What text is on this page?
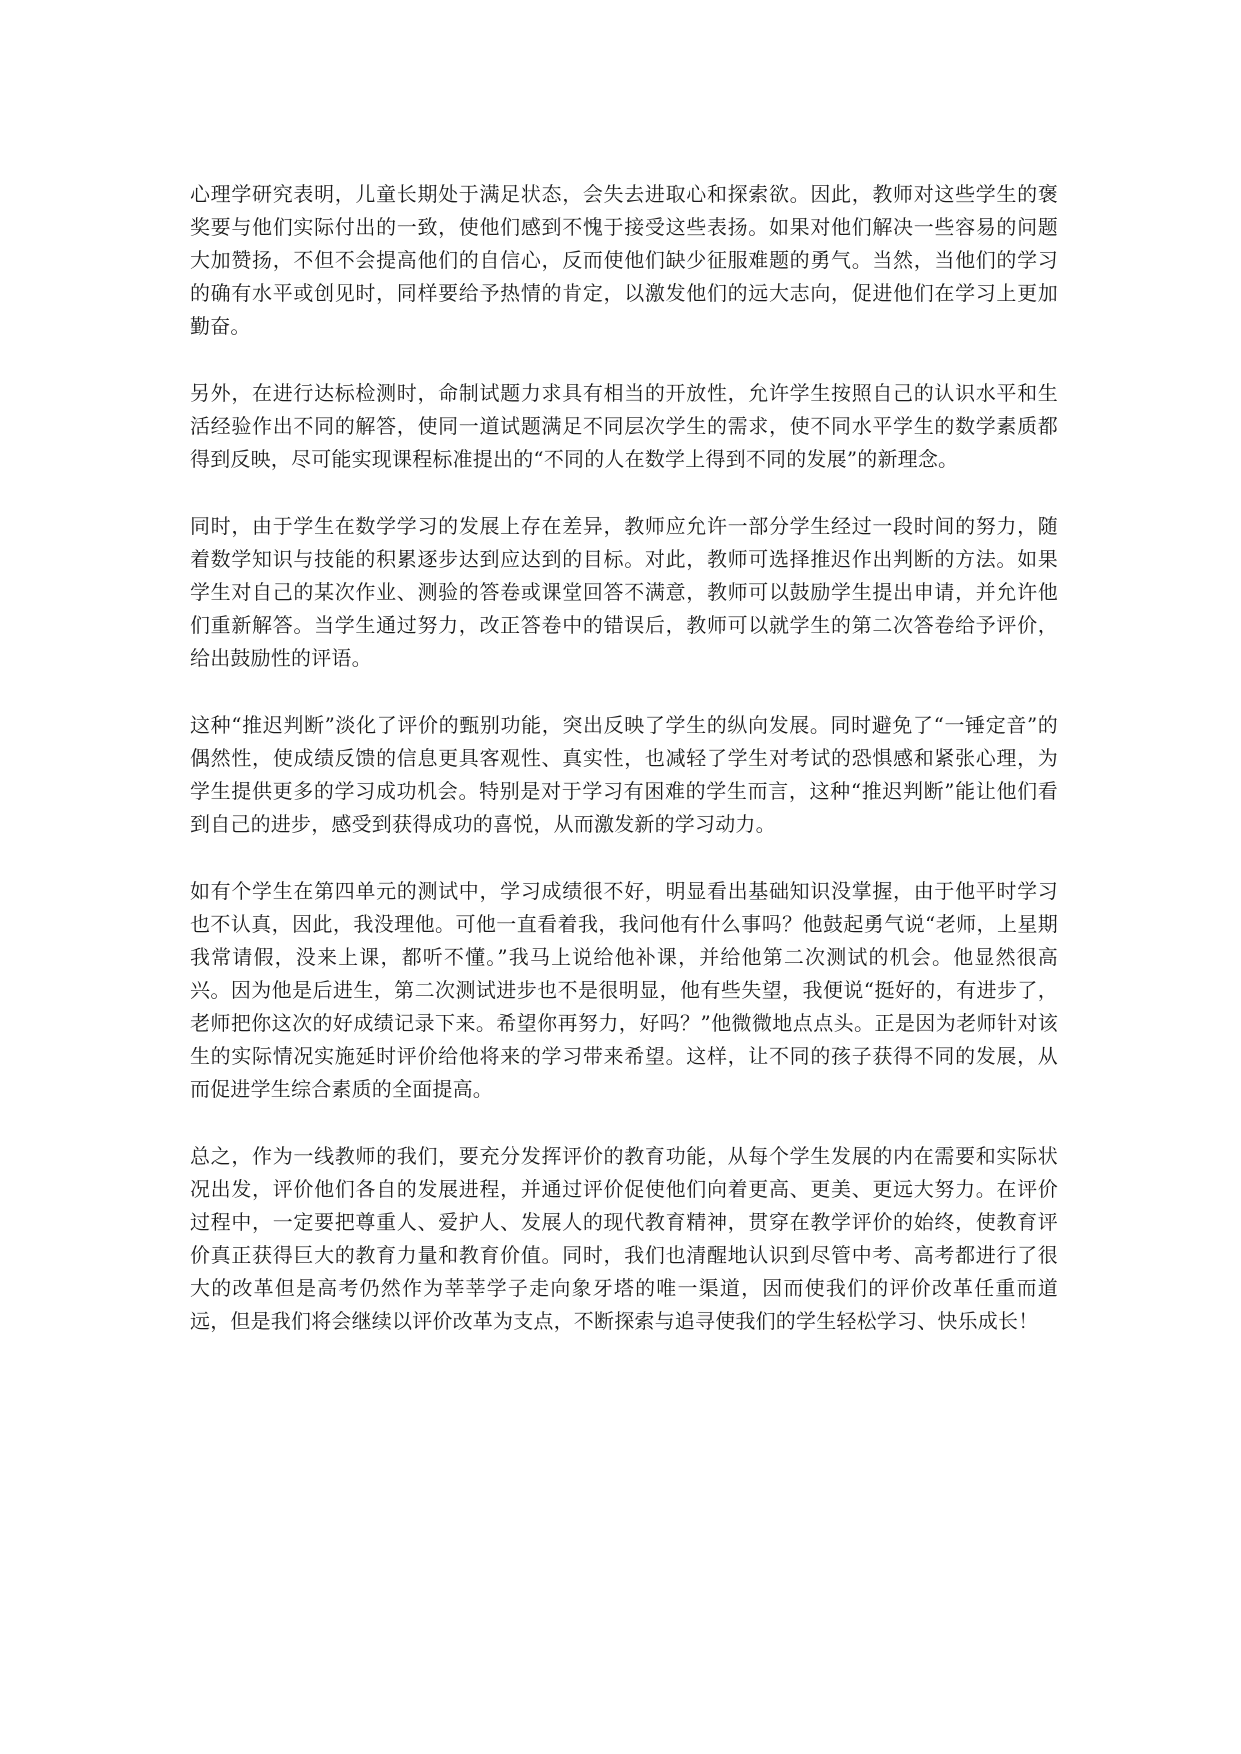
心理学研究表明，儿童长期处于满足状态，会失去进取心和探索欲。因此，教师对这些学生的褒奖要与他们实际付出的一致，使他们感到不愧于接受这些表扬。如果对他们解决一些容易的问题大加赞扬，不但不会提高他们的自信心，反而使他们缺少征服难题的勇气。当然，当他们的学习的确有水平或创见时，同样要给予热情的肯定，以激发他们的远大志向，促进他们在学习上更加勤奋。

另外，在进行达标检测时，命制试题力求具有相当的开放性，允许学生按照自己的认识水平和生活经验作出不同的解答，使同一道试题满足不同层次学生的需求，使不同水平学生的数学素质都得到反映，尽可能实现课程标准提出的“不同的人在数学上得到不同的发展”的新理念。

同时，由于学生在数学学习的发展上存在差异，教师应允许一部分学生经过一段时间的努力，随着数学知识与技能的积累逐步达到应达到的目标。对此，教师可选择推迟作出判断的方法。如果学生对自己的某次作业、测验的答卷或课堂回答不满意，教师可以鼓励学生提出申请，并允许他们重新解答。当学生通过努力，改正答卷中的错误后，教师可以就学生的第二次答卷给予评价，给出鼓励性的评语。

这种“推迟判断”淡化了评价的甄别功能，突出反映了学生的纵向发展。同时避免了“一锤定音”的偶然性，使成绩反馈的信息更具客观性、真实性，也减轻了学生对考试的恐惧感和紧张心理，为学生提供更多的学习成功机会。特别是对于学习有困难的学生而言，这种“推迟判断”能让他们看到自己的进步，感受到获得成功的喜悦，从而激发新的学习动力。

如有个学生在第四单元的测试中，学习成绩很不好，明显看出基础知识没掌握，由于他平时学习也不认真，因此，我没理他。可他一直看着我，我问他有什么事吗？他鼓起勇气说“老师，上星期我常请假，没来上课，都听不懂。”我马上说给他补课，并给他第二次测试的机会。他显然很高兴。因为他是后进生，第二次测试进步也不是很明显，他有些失望，我便说“挺好的，有进步了，老师把你这次的好成绩记录下来。希望你再努力，好吗？”他微微地点点头。正是因为老师针对该生的实际情况实施延时评价给他将来的学习带来希望。这样，让不同的孩子获得不同的发展，从而促进学生综合素质的全面提高。

总之，作为一线教师的我们，要充分发挥评价的教育功能，从每个学生发展的内在需要和实际状况出发，评价他们各自的发展进程，并通过评价促使他们向着更高、更美、更远大努力。在评价过程中，一定要把尊重人、爱护人、发展人的现代教育精神，贯穿在教学评价的始终，使教育评价真正获得巨大的教育力量和教育价值。同时，我们也清醒地认识到尽管中考、高考都进行了很大的改革但是高考仍然作为莘莘学子走向象牙塔的唯一渠道，因而使我们的评价改革任重而道远，但是我们将会继续以评价改革为支点，不断探索与追寻使我们的学生轻松学习、快乐成长！
